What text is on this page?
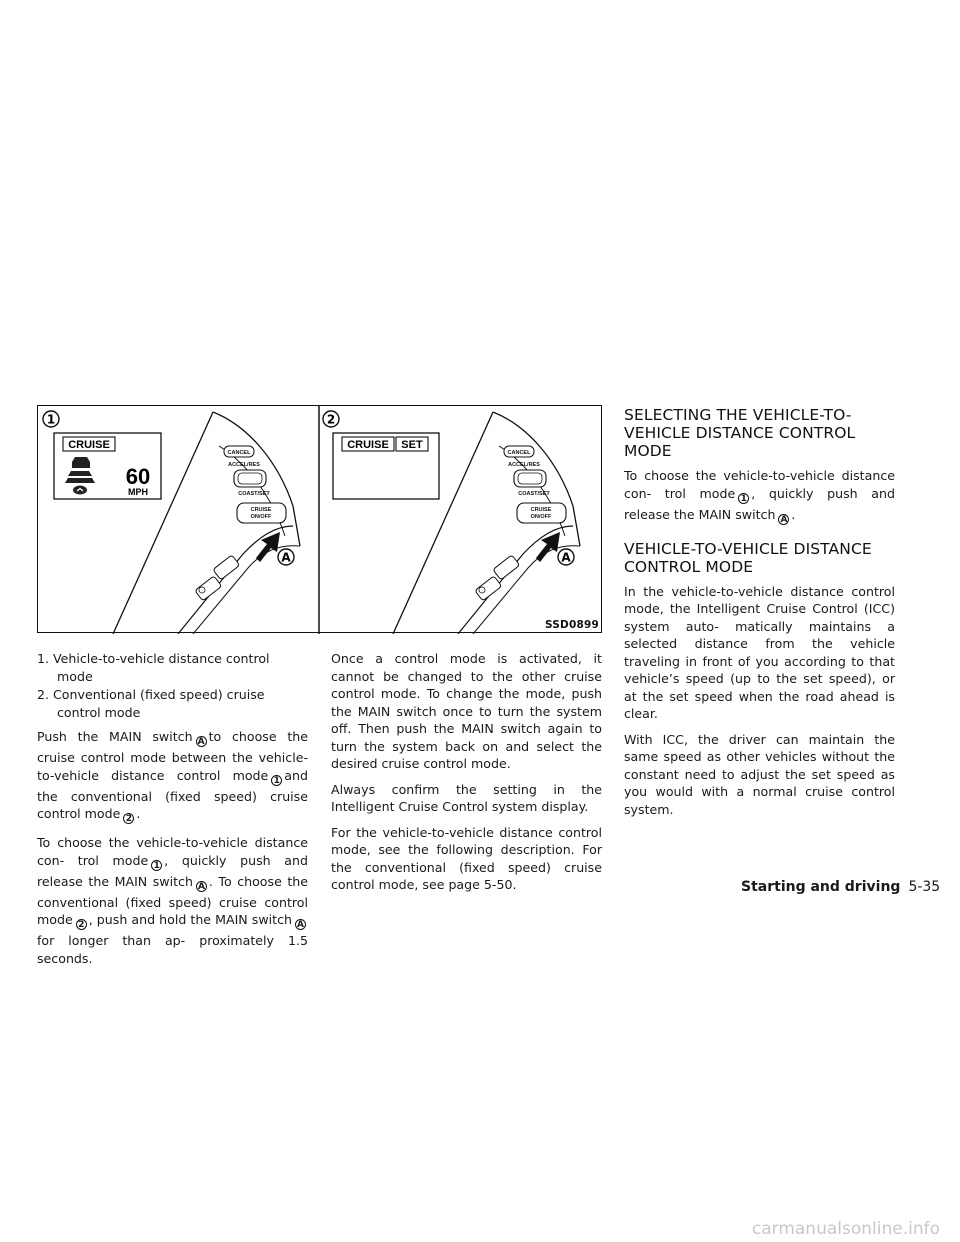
1
CRUISE
60
MPH
CANCEL
ACCEL/RES
COAST/SET
CRUISE
ON/OFF
A
2
CRUISE SET
CANCEL
ACCEL/RES
COAST/SET
CRUISE
ON/OFF
A
SSD0899
1. Vehicle-to-vehicle distance control mode
2. Conventional (fixed speed) cruise control mode

Push the MAIN switch A to choose the cruise control mode between the vehicle-to-vehicle distance control mode 1 and the conventional (fixed speed) cruise control mode 2 .

To choose the vehicle-to-vehicle distance con- trol mode 1 , quickly push and release the MAIN switch A . To choose the conventional (fixed speed) cruise control mode 2 , push and hold the MAIN switch Afor longer than ap- proximately 1.5 seconds.

Once a control mode is activated, it cannot be changed to the other cruise control mode. To change the mode, push the MAIN switch once to turn the system off. Then push the MAIN switch again to turn the system back on and select the desired cruise control mode.

Always confirm the setting in the Intelligent Cruise Control system display.

For the vehicle-to-vehicle distance control mode, see the following description. For the conventional (fixed speed) cruise control mode, see page 5-50.

SELECTING THE VEHICLE-TO-VEHICLE DISTANCE CONTROL MODE

To choose the vehicle-to-vehicle distance con- trol mode 1 , quickly push and release the MAIN switch A .

VEHICLE-TO-VEHICLE DISTANCE CONTROL MODE

In the vehicle-to-vehicle distance control mode, the Intelligent Cruise Control (ICC) system auto- matically maintains a selected distance from the vehicle traveling in front of you according to that vehicle’s speed (up to the set speed), or at the set speed when the road ahead is clear.

With ICC, the driver can maintain the same speed as other vehicles without the constant need to adjust the set speed as you would with a normal cruise control system.

Starting and driving 5-35
carmanualsonline.info
